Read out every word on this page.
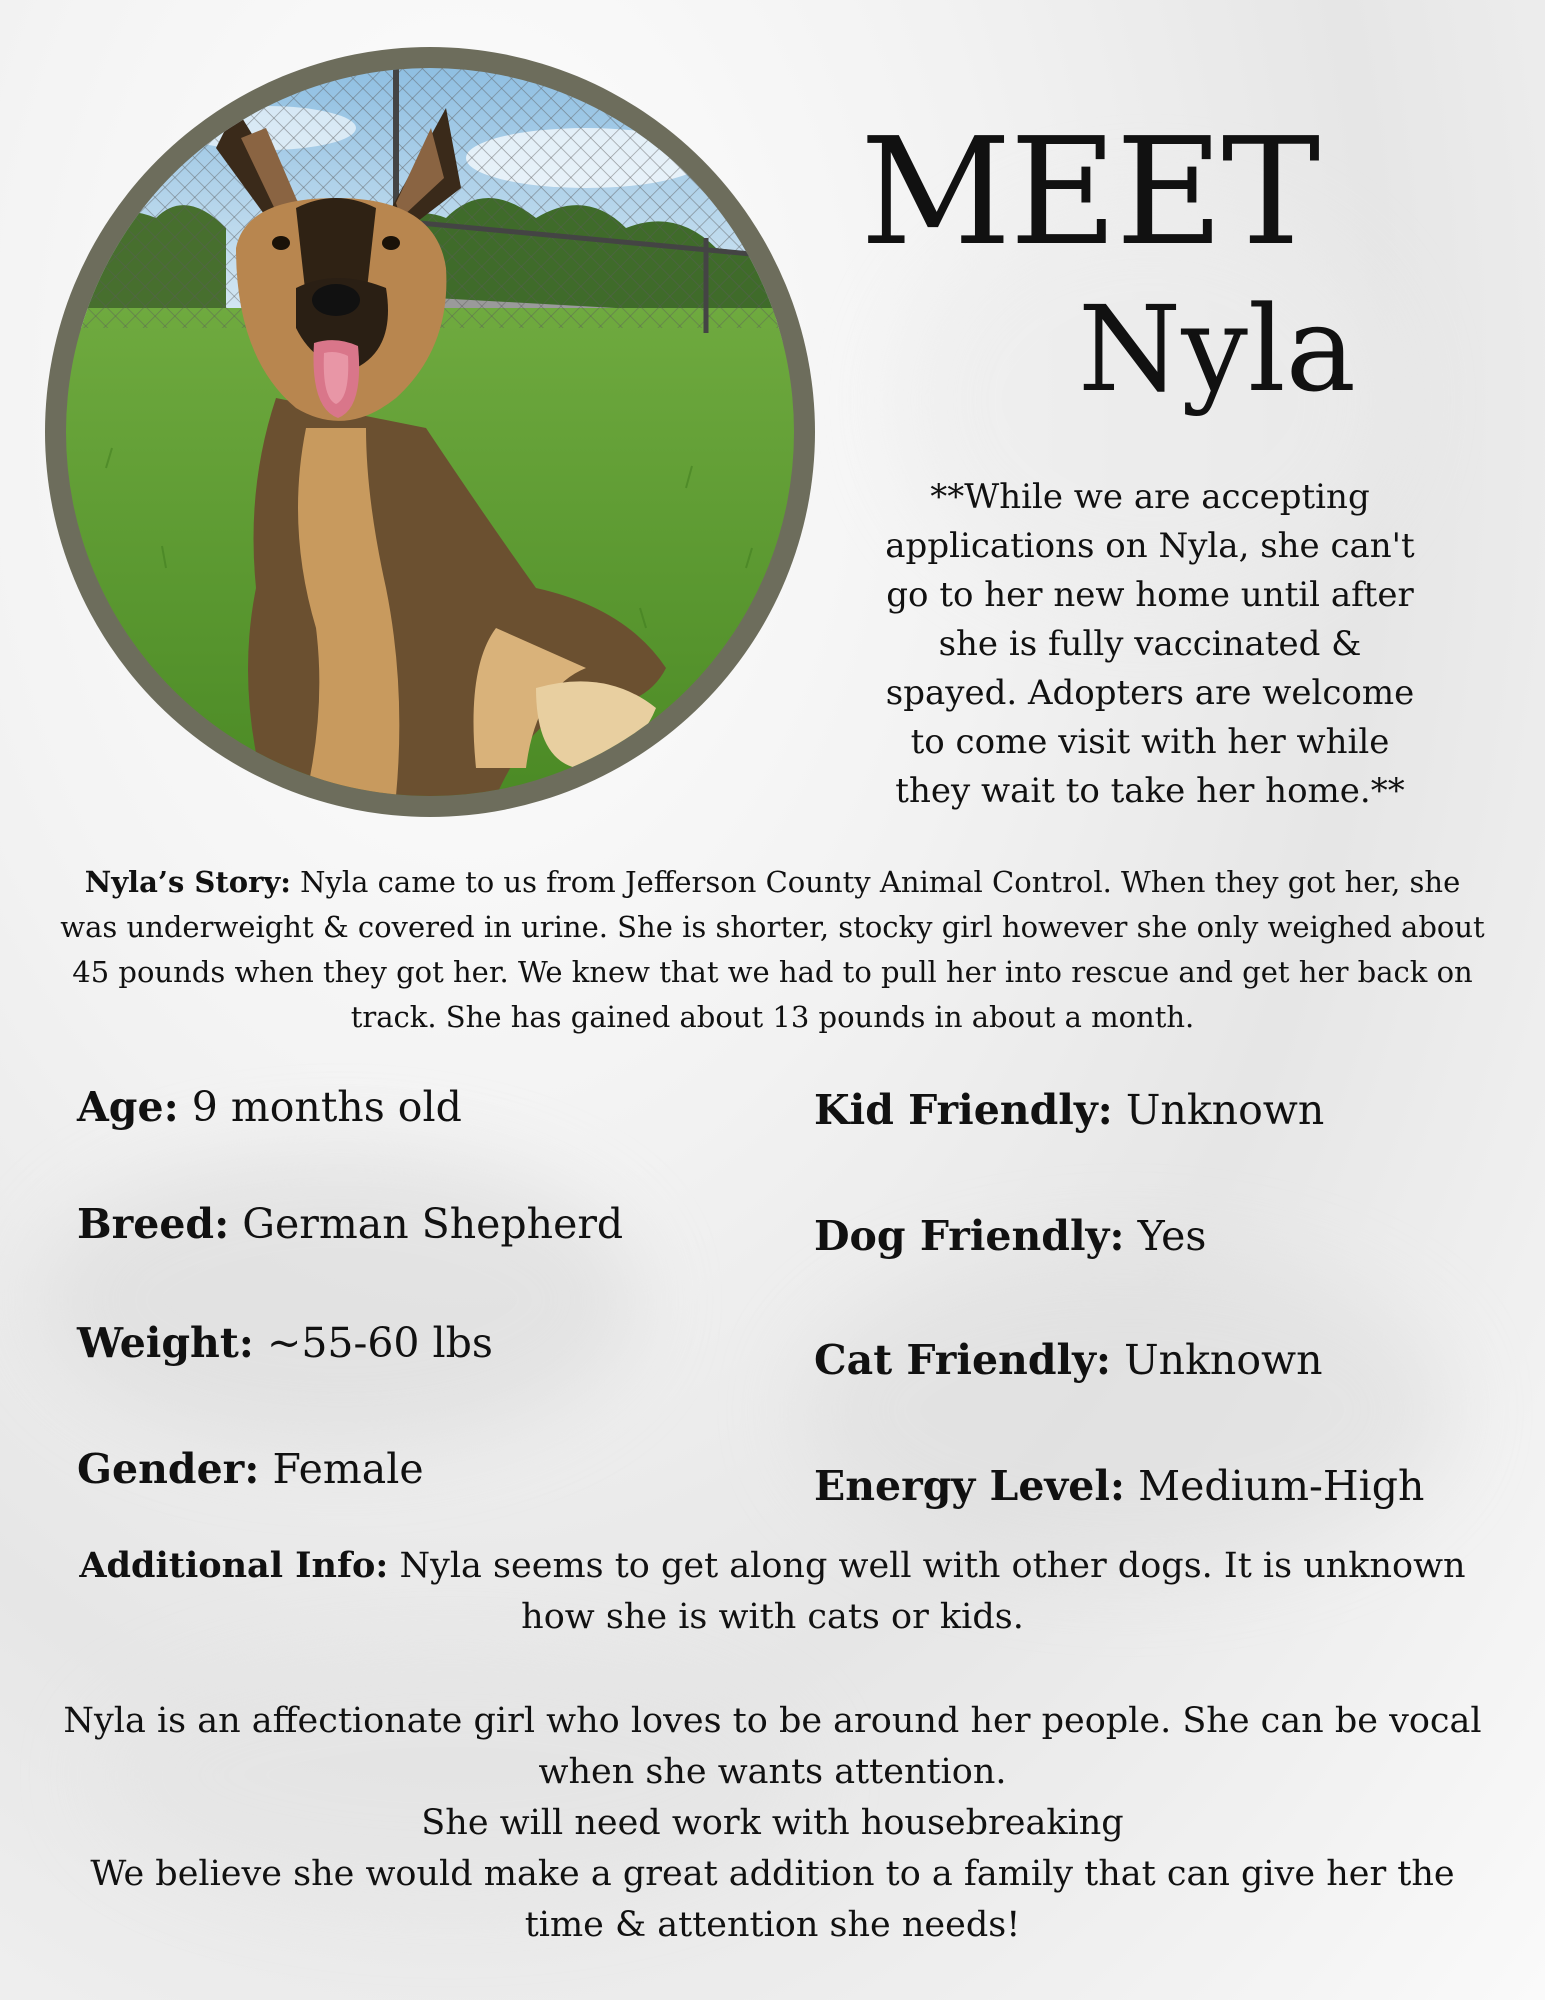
MEET
Nyla
**While we are accepting applications on Nyla, she can't go to her new home until after she is fully vaccinated & spayed. Adopters are welcome to come visit with her while they wait to take her home.**
Nyla’s Story: Nyla came to us from Jefferson County Animal Control. When they got her, she was underweight & covered in urine. She is shorter, stocky girl however she only weighed about 45 pounds when they got her. We knew that we had to pull her into rescue and get her back on track. She has gained about 13 pounds in about a month.
Age: 9 months old
Breed: German Shepherd
Weight: ~55-60 lbs
Gender: Female
Kid Friendly: Unknown
Dog Friendly: Yes
Cat Friendly: Unknown
Energy Level: Medium-High
Additional Info: Nyla seems to get along well with other dogs. It is unknown how she is with cats or kids.

Nyla is an affectionate girl who loves to be around her people. She can be vocal when she wants attention.

She will need work with housebreaking

We believe she would make a great addition to a family that can give her the time & attention she needs!
